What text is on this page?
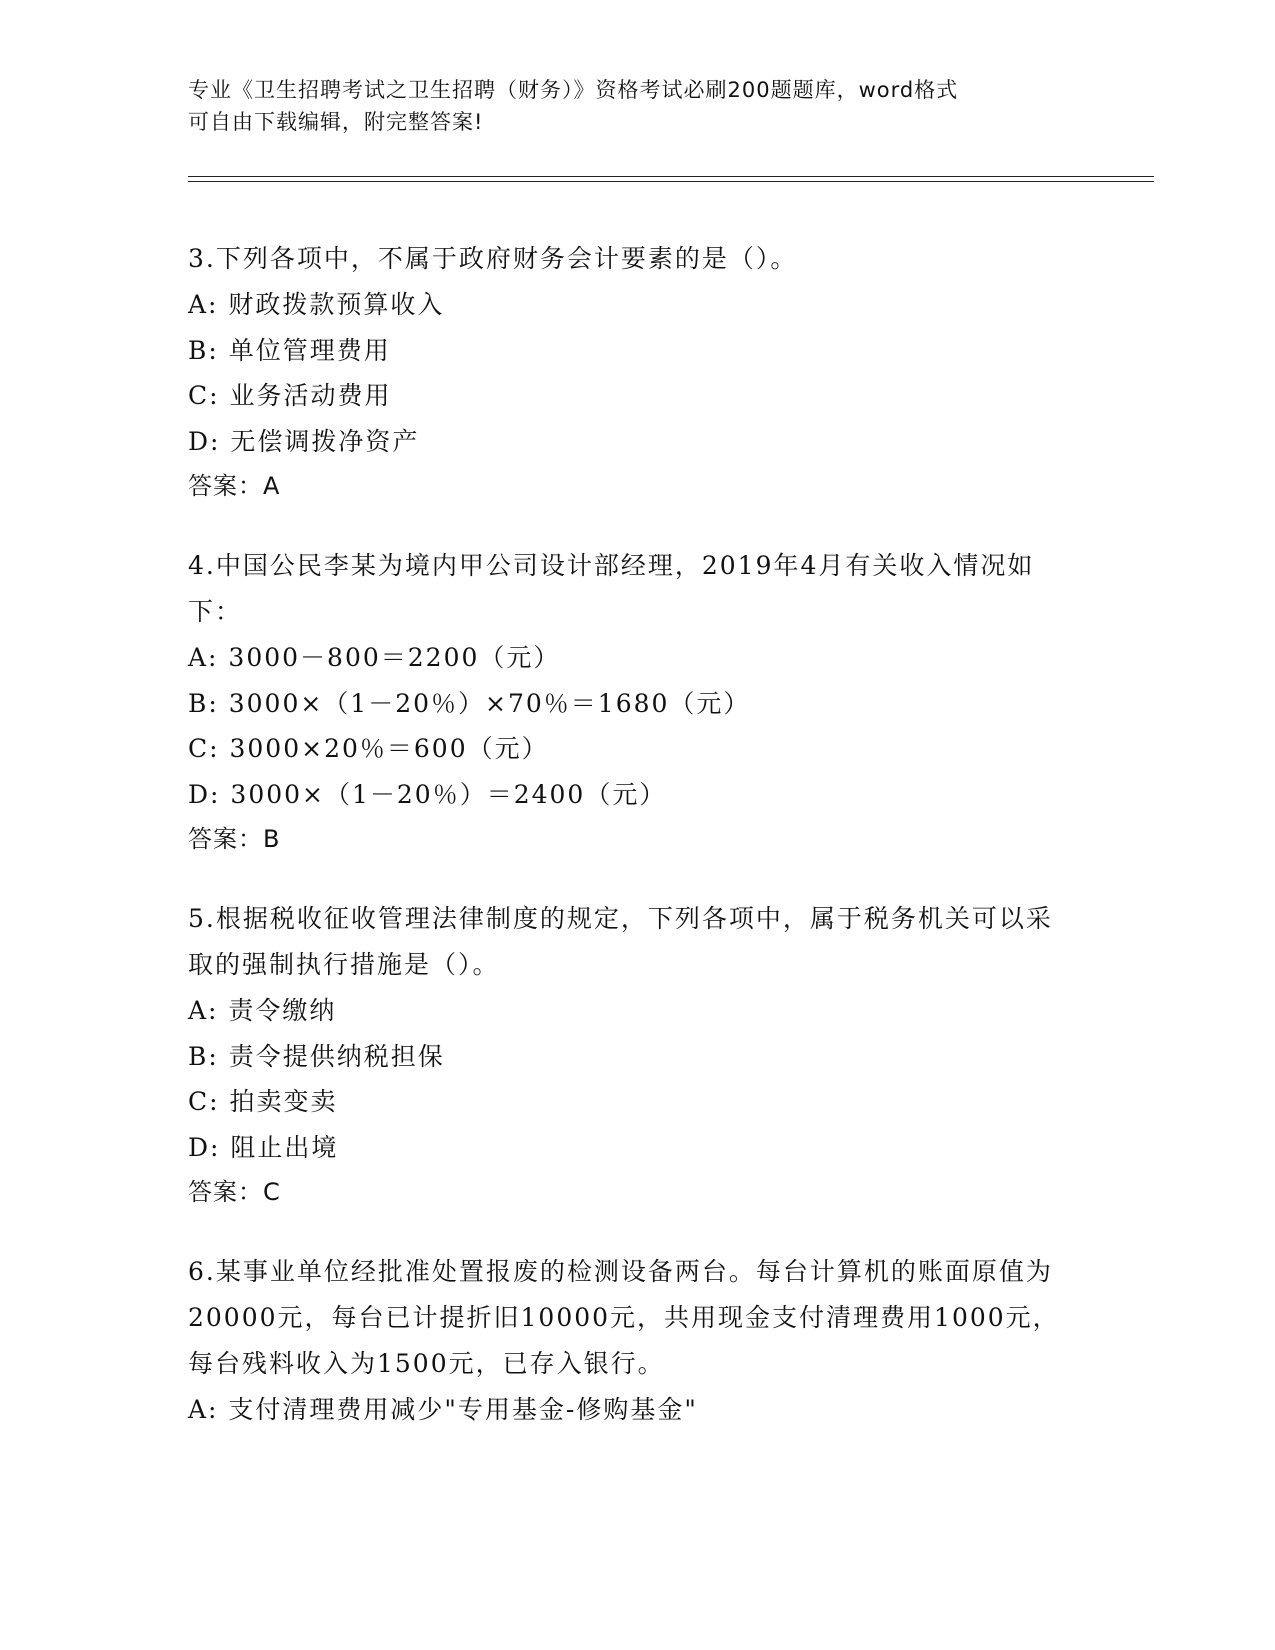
专业《卫生招聘考试之卫生招聘（财务）》资格考试必刷200题题库，word格式
可自由下载编辑，附完整答案!
3.下列各项中，不属于政府财务会计要素的是（）。
A: 财政拨款预算收入
B: 单位管理费用
C: 业务活动费用
D: 无偿调拨净资产
答案：A
4.中国公民李某为境内甲公司设计部经理，2019年4月有关收入情况如下：
A: 3000－800＝2200（元）
B: 3000×（1－20％）×70％＝1680（元）
C: 3000×20％＝600（元）
D: 3000×（1－20％）＝2400（元）
答案：B
5.根据税收征收管理法律制度的规定，下列各项中，属于税务机关可以采取的强制执行措施是（）。
A: 责令缴纳
B: 责令提供纳税担保
C: 拍卖变卖
D: 阻止出境
答案：C
6.某事业单位经批准处置报废的检测设备两台。每台计算机的账面原值为20000元，每台已计提折旧10000元，共用现金支付清理费用1000元，每台残料收入为1500元，已存入银行。
A: 支付清理费用减少"专用基金-修购基金"
